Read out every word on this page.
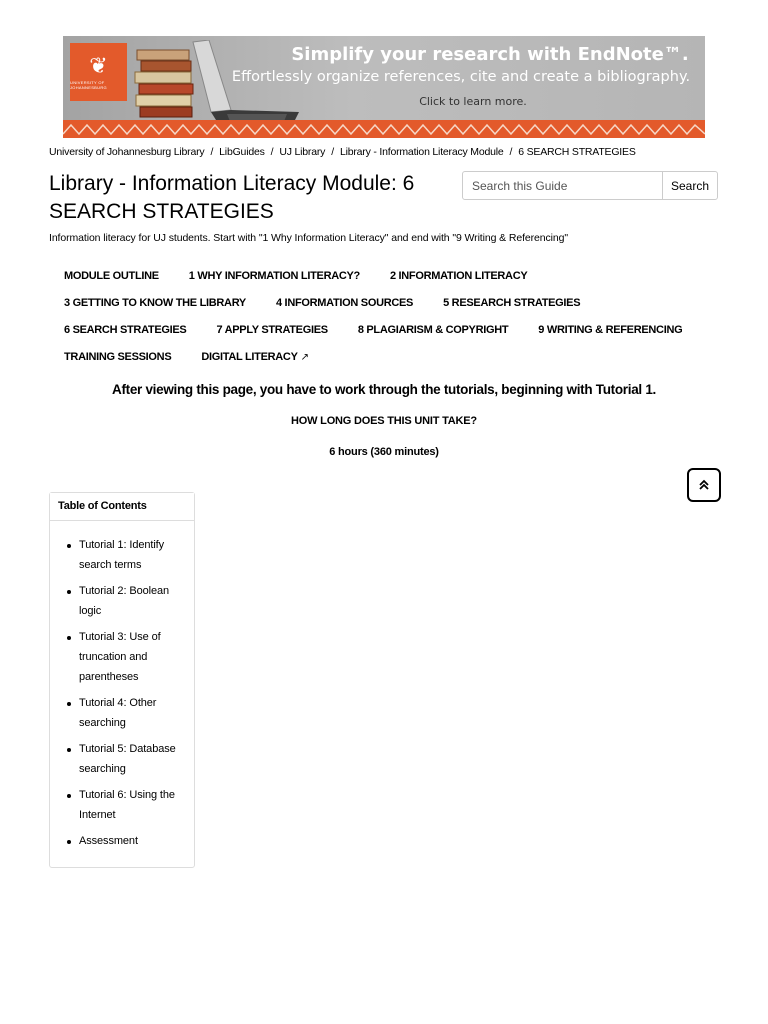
❦
UNIVERSITY OF JOHANNESBURG
Simplify your research with EndNote™.
Effortlessly organize references, cite and create a bibliography.
Click to learn more.
University of Johannesburg Library / LibGuides / UJ Library / Library - Information Literacy Module / 6 SEARCH STRATEGIES
Library - Information Literacy Module: 6 SEARCH STRATEGIES
Search this Guide
Search
Information literacy for UJ students. Start with "1 Why Information Literacy" and end with "9 Writing & Referencing"
MODULE OUTLINE	1 WHY INFORMATION LITERACY?	2 INFORMATION LITERACY
3 GETTING TO KNOW THE LIBRARY	4 INFORMATION SOURCES	5 RESEARCH STRATEGIES
6 SEARCH STRATEGIES	7 APPLY STRATEGIES	8 PLAGIARISM & COPYRIGHT	9 WRITING & REFERENCING
TRAINING SESSIONS	DIGITAL LITERACY ↗
After viewing this page, you have to work through the tutorials, beginning with Tutorial 1.
HOW LONG DOES THIS UNIT TAKE?
6 hours (360 minutes)
Table of Contents
Tutorial 1: Identify search terms
Tutorial 2: Boolean logic
Tutorial 3: Use of truncation and parentheses
Tutorial 4: Other searching
Tutorial 5: Database searching
Tutorial 6: Using the Internet
Assessment
